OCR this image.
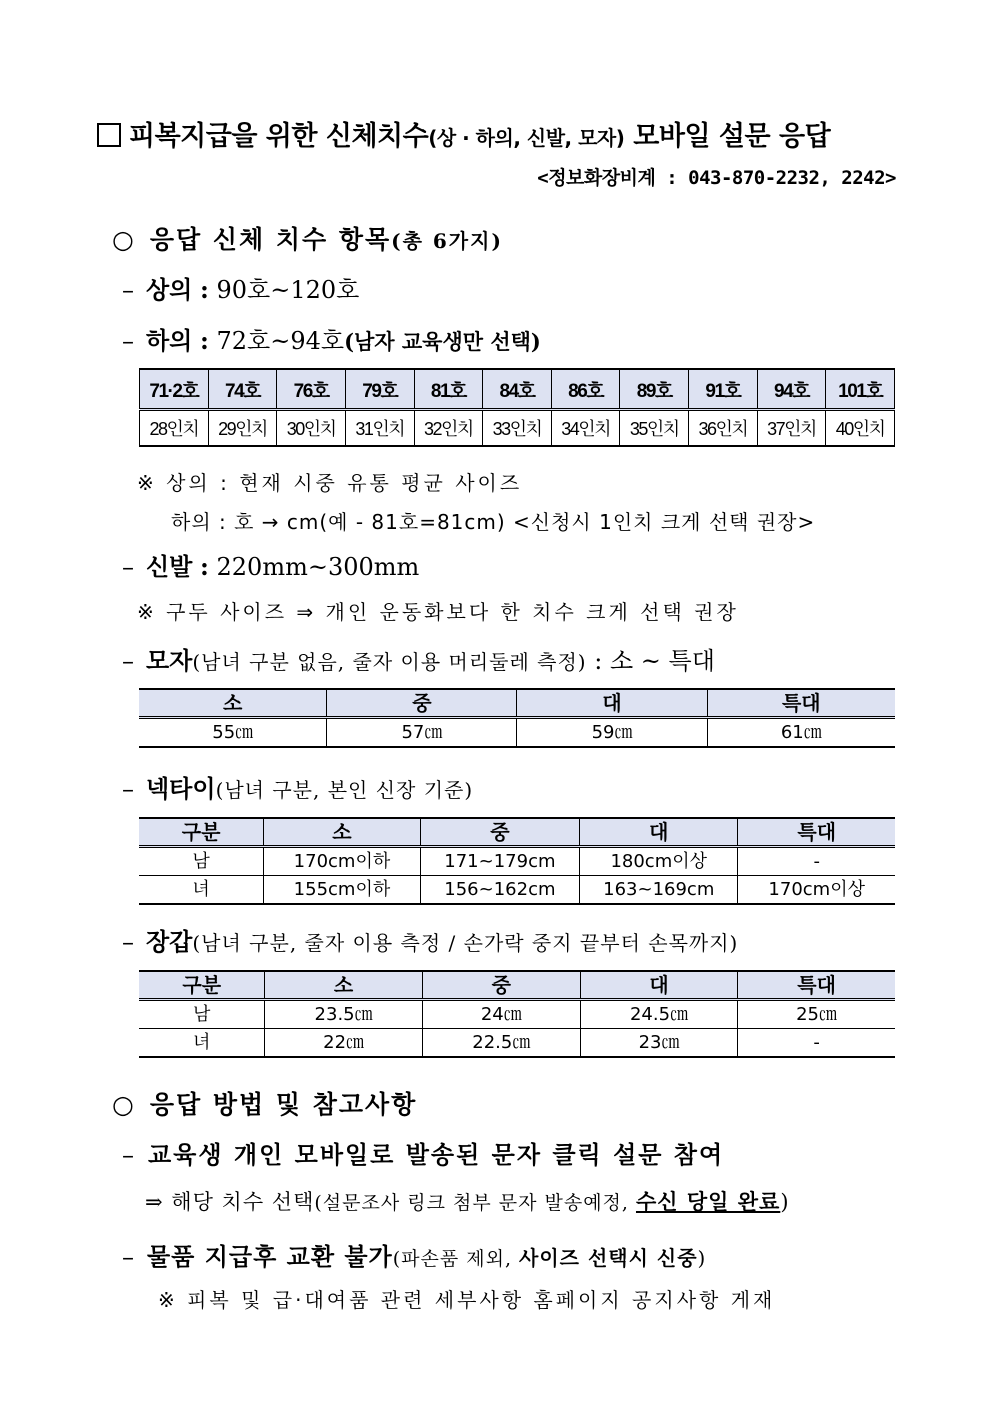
피복지급을 위한 신체치수(상 · 하의, 신발, 모자) 모바일 설문 응답
<정보화장비계 : 043-870-2232, 2242>
○ 응답 신체 치수 항목(총 6가지)
– 상의 : 90호~120호
– 하의 : 72호~94호(남자 교육생만 선택)
71·2호	74호	76호	79호	81호	84호	86호	89호	91호	94호	101호
28인치	29인치	30인치	31인치	32인치	33인치	34인치	35인치	36인치	37인치	40인치
※ 상의 : 현재 시중 유통 평균 사이즈
하의 : 호 → cm(예 - 81호=81cm) <신청시 1인치 크게 선택 권장>
– 신발 : 220mm~300mm
※ 구두 사이즈 ⇒ 개인 운동화보다 한 치수 크게 선택 권장
– 모자(남녀 구분 없음, 줄자 이용 머리둘레 측정) : 소 ~ 특대
소	중	대	특대
55㎝	57㎝	59㎝	61㎝
– 넥타이(남녀 구분, 본인 신장 기준)
구분	소	중	대	특대
남	170cm이하	171~179cm	180cm이상	-
녀	155cm이하	156~162cm	163~169cm	170cm이상
– 장갑(남녀 구분, 줄자 이용 측정 / 손가락 중지 끝부터 손목까지)
구분	소	중	대	특대
남	23.5㎝	24㎝	24.5㎝	25㎝
녀	22㎝	22.5㎝	23㎝	-
○ 응답 방법 및 참고사항
– 교육생 개인 모바일로 발송된 문자 클릭 설문 참여
⇒ 해당 치수 선택(설문조사 링크 첨부 문자 발송예정, 수신 당일 완료)
– 물품 지급후 교환 불가(파손품 제외, 사이즈 선택시 신중)
※ 피복 및 급·대여품 관련 세부사항 홈페이지 공지사항 게재
